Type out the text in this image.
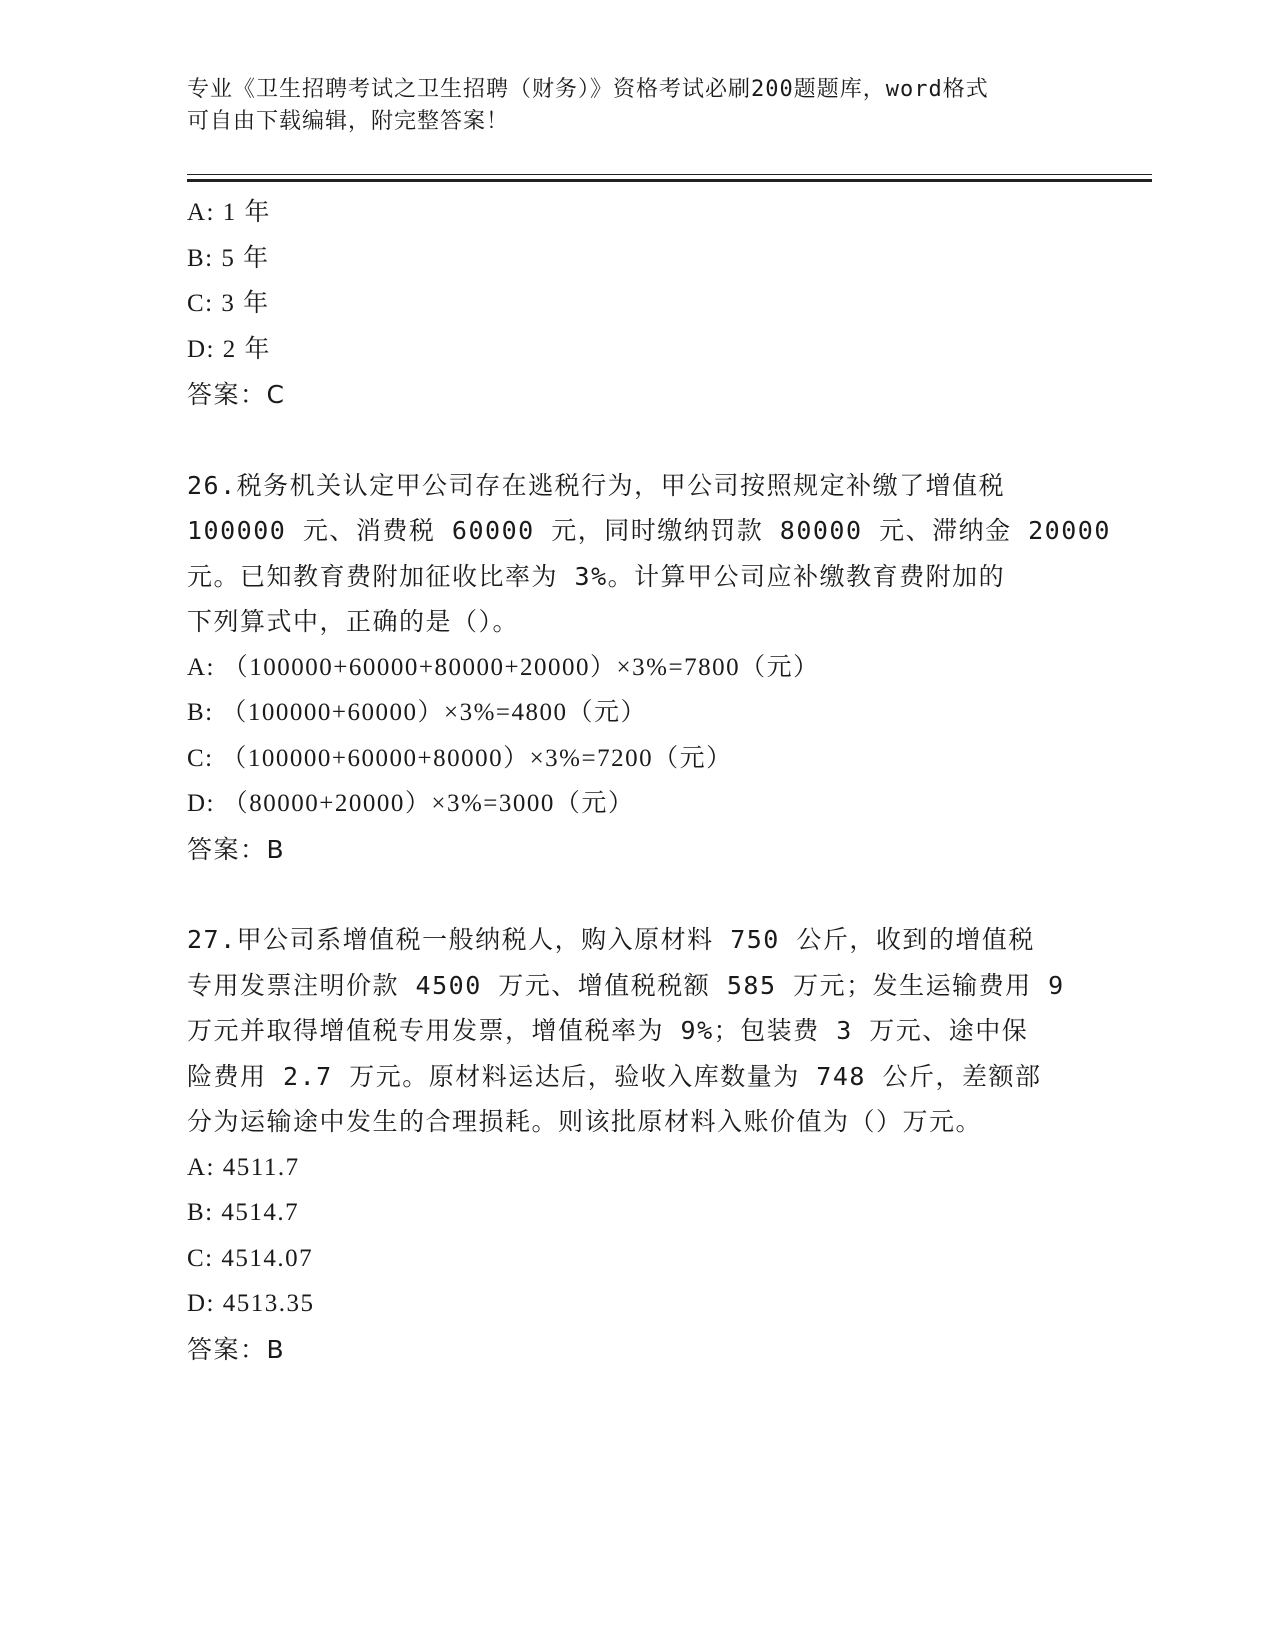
专业《卫生招聘考试之卫生招聘（财务）》资格考试必刷200题题库，word格式
可自由下载编辑，附完整答案！
A: 1 年
B: 5 年
C: 3 年
D: 2 年
答案：C
26.税务机关认定甲公司存在逃税行为，甲公司按照规定补缴了增值税
100000 元、消费税 60000 元，同时缴纳罚款 80000 元、滞纳金 20000
元。已知教育费附加征收比率为 3%。计算甲公司应补缴教育费附加的
下列算式中，正确的是（）。
A: （100000+60000+80000+20000）×3%=7800（元）
B: （100000+60000）×3%=4800（元）
C: （100000+60000+80000）×3%=7200（元）
D: （80000+20000）×3%=3000（元）
答案：B
27.甲公司系增值税一般纳税人，购入原材料 750 公斤，收到的增值税
专用发票注明价款 4500 万元、增值税税额 585 万元；发生运输费用 9
万元并取得增值税专用发票，增值税率为 9%；包装费 3 万元、途中保
险费用 2.7 万元。原材料运达后，验收入库数量为 748 公斤，差额部
分为运输途中发生的合理损耗。则该批原材料入账价值为（）万元。
A: 4511.7
B: 4514.7
C: 4514.07
D: 4513.35
答案：B
